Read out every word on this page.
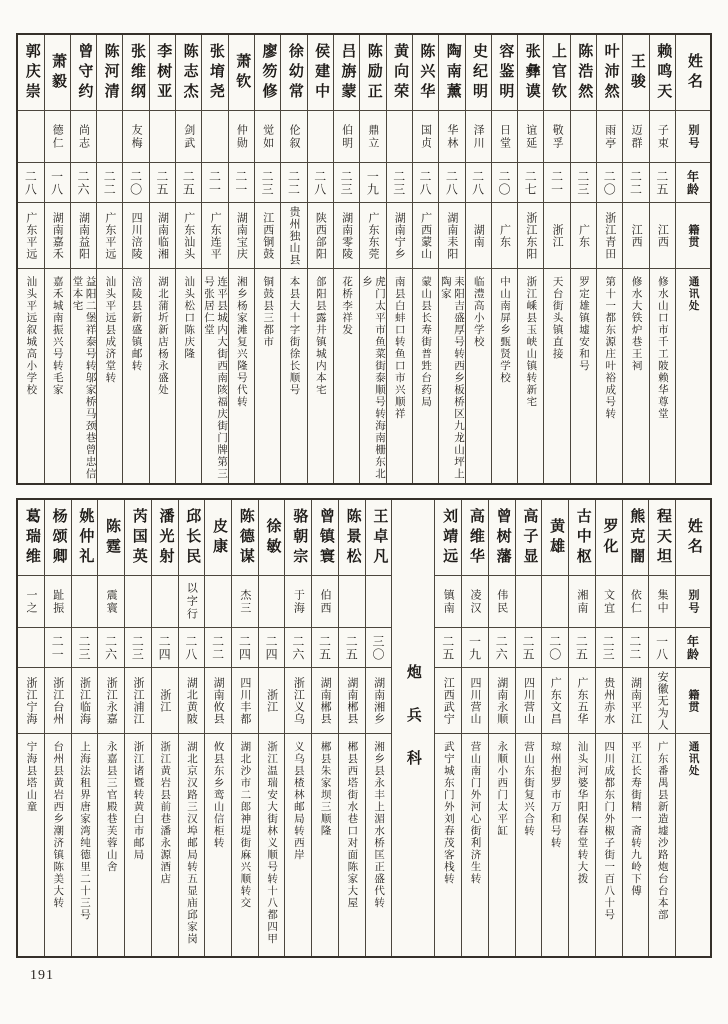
姓名
别号
年龄
籍贯
通讯处
赖鸣天
子束
二五
江西
修水山口市千工陂赖华尊堂
王骏
迈群
二二
江西
修水大铁炉巷王祠
叶沛然
雨亭
二〇
浙江青田
第十一都东源庄叶裕成号转
陈浩然
二三
广东
罗定雄镇墟安和号
上官钦
敬孚
二一
浙江
天台街头镇直接
张彝谟
谊延
二七
浙江东阳
浙江嵊县玉峡山镇转新宅
容鉴明
日堂
二〇
广东
中山南屏乡甄贤学校
史纪明
泽川
二八
湖南
临澧高小学校
陶南薰
华林
二八
湖南耒阳
耒阳吉盛厚号转西乡板桥区九龙山坪上陶家
陈兴华
国贞
二八
广西蒙山
蒙山县长寿街普甡台药局
黄向荣
二三
湖南宁乡
南县白蚌口转鱼口市兴顺祥
陈励正
鼎立
一九
广东东莞
虎门太平市鱼菜街泰顺号转海南栅东北乡
吕旃蒙
伯明
二三
湖南零陵
花桥李祥发
侯建中
二八
陕西郃阳
郃阳县露井镇城内本宅
徐幼常
伦叙
二二
贵州独山县
本县大十字街徐长顺号
廖笏修
觉如
二三
江西铜鼓
铜鼓县三都市
萧钦
仲勋
二一
湖南宝庆
湘乡杨家滩复兴隆号代转
张堉尧
二一
广东连平
连平县城内大街西南陔福庆街门牌第三号张居仁堂
陈志杰
剑武
二五
广东汕头
汕头松口陈庆隆
李树亚
二五
湖南临湘
湖北蒲圻新店杨永盛处
张维纲
友梅
二〇
四川涪陵
涪陵县新盛镇邮转
陈河清
二二
广东平远
汕头平远县成济堂转
曾守约
尚志
二六
湖南益阳
益阳二堡祥泰号转邬家桥马颈巷曾忠信堂本宅
萧毅
德仁
一八
湖南嘉禾
嘉禾城南振兴号转毛家
郭庆崇
二八
广东平远
汕头平远叙城高小学校
姓名
别号
年龄
籍贯
通讯处
程天坦
集中
一八
安徽无为人
广东番禺县新造墟沙路炮台台本部
熊克闇
依仁
二二
湖南平江
平江长寿街精一斋转九岭下傅
罗化
文宜
二三
贵州赤水
四川成都东门外椒子街一百八十号
古中枢
湘南
二五
广东五华
汕头河婆华阳保春堂转大拨
黄雄
二〇
广东文昌
琼州抱罗市万和号转
高子显
二五
四川营山
营山东街复兴合转
曾树藩
伟民
二六
湖南永顺
永顺小西门太平缸
高维华
凌汉
一九
四川营山
营山南门外河心街利济生转
刘靖远
镇南
二五
江西武宁
武宁城东门外刘春茂客栈转
炮兵科
王卓凡
三〇
湖南湘乡
湘乡县永丰上湄水桥匡正盛代转
陈景松
二五
湖南郴县
郴县西塔街水巷口对面陈家大屋
曾镇寰
伯西
二五
湖南郴县
郴县朱家坝三顺隆
骆朝宗
于海
二六
浙江义乌
义乌县楂林邮局转西岸
徐敏
二四
浙江
浙江温瑞安大街林义顺号转十八都四甲
陈德谋
杰三
二四
四川丰都
湖北沙市二郎神堤街麻兴顺转交
皮康
二二
湖南攸县
攸县东乡鸾山信柜转
邱长民
以字行
二八
湖北黄陂
湖北京汉路三汉埠邮局转五显庙邱家岗
潘光射
二四
浙江
浙江黄岩县前巷潘永源酒店
芮国英
二三
浙江浦江
浙江诸暨转黄白市邮局
陈霆
震寰
二六
浙江永嘉
永嘉县三官殿巷芙蓉山舍
姚仲礼
二三
浙江临海
上海法租界唐家湾纯德里二十三号
杨颂卿
趾振
二一
浙江台州
台州县黄岩西乡潮济镇陈美大转
葛瑞维
一之
浙江宁海
宁海县塔山童
191
